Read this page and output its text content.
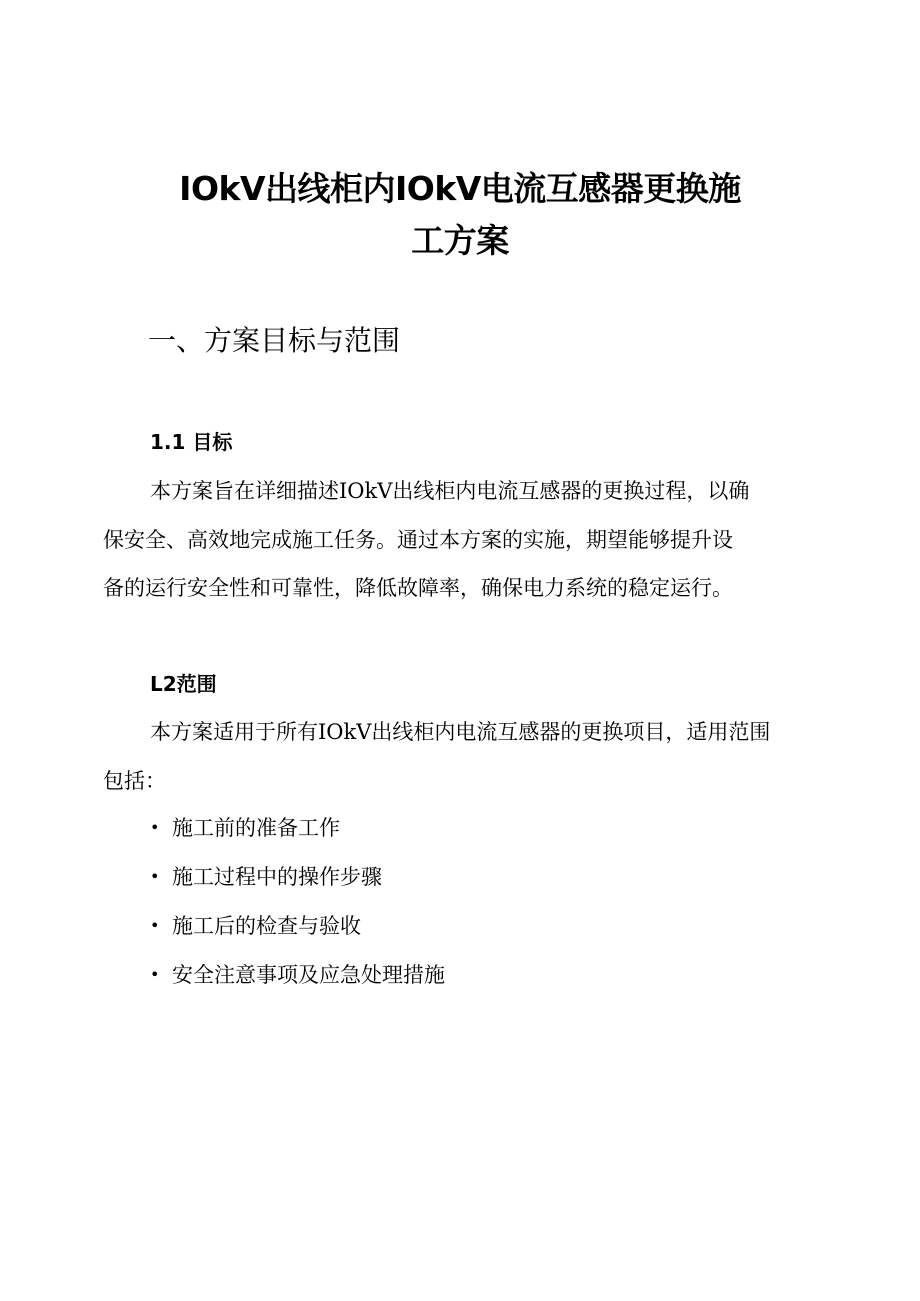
IOkV出线柜内IOkV电流互感器更换施
工方案
一、方案目标与范围
1.1 目标

本方案旨在详细描述IOkV出线柜内电流互感器的更换过程，以确

保安全、高效地完成施工任务。通过本方案的实施，期望能够提升设

备的运行安全性和可靠性，降低故障率，确保电力系统的稳定运行。

L2范围

本方案适用于所有IOkV出线柜内电流互感器的更换项目，适用范围

包括：

• 施工前的准备工作
• 施工过程中的操作步骤
• 施工后的检查与验收
• 安全注意事项及应急处理措施
